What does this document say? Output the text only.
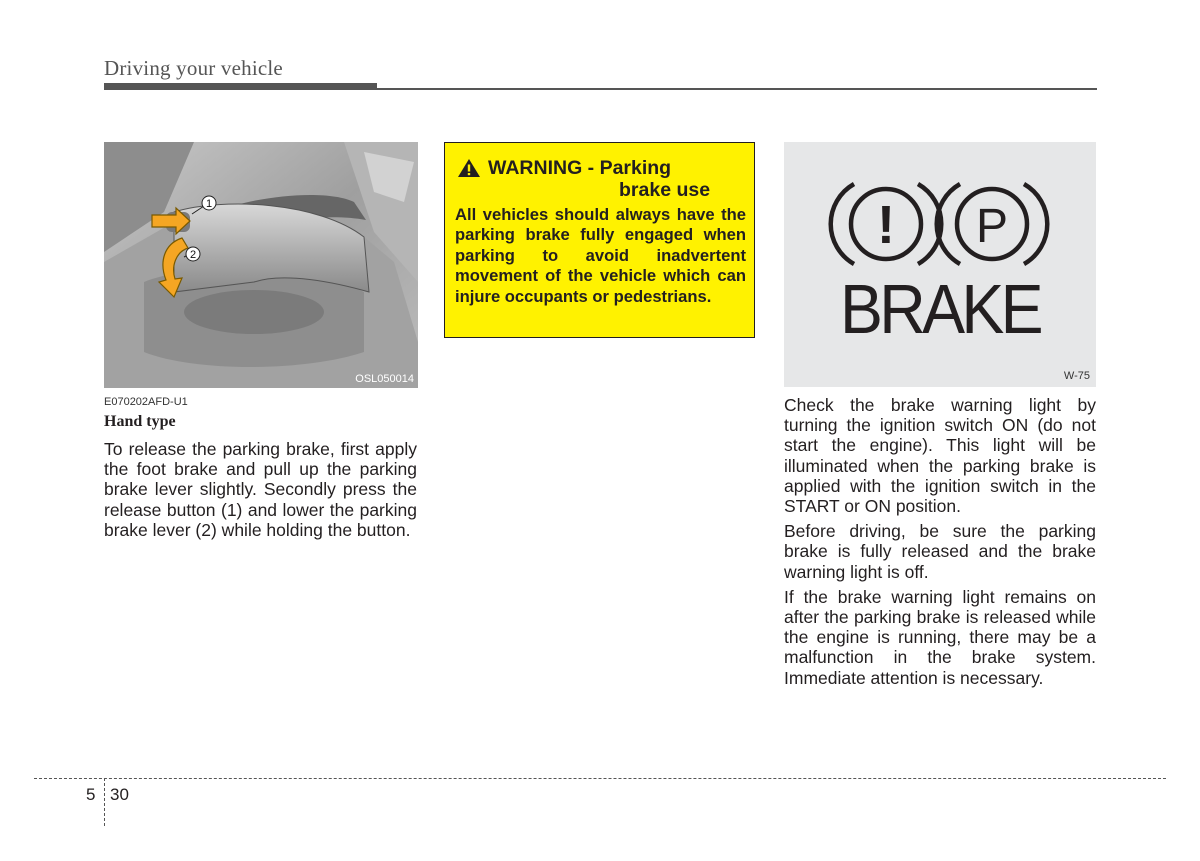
Driving your vehicle
1
2
OSL050014
E070202AFD-U1
Hand type

To release the parking brake, first apply the foot brake and pull up the parking brake lever slightly. Secondly press the release button (1) and lower the parking brake lever (2) while holding the button.

WARNING - Parking
brake use

All vehicles should always have the parking brake fully engaged when parking to avoid inadvertent movement of the vehicle which can injure occupants or pedestrians.

! P
BRAKE
W-75

Check the brake warning light by turning the ignition switch ON (do not start the engine). This light will be illuminated when the parking brake is applied with the ignition switch in the START or ON position.

Before driving, be sure the parking brake is fully released and the brake warning light is off.

If the brake warning light remains on after the parking brake is released while the engine is running, there may be a malfunction in the brake system. Immediate attention is necessary.

5 30
